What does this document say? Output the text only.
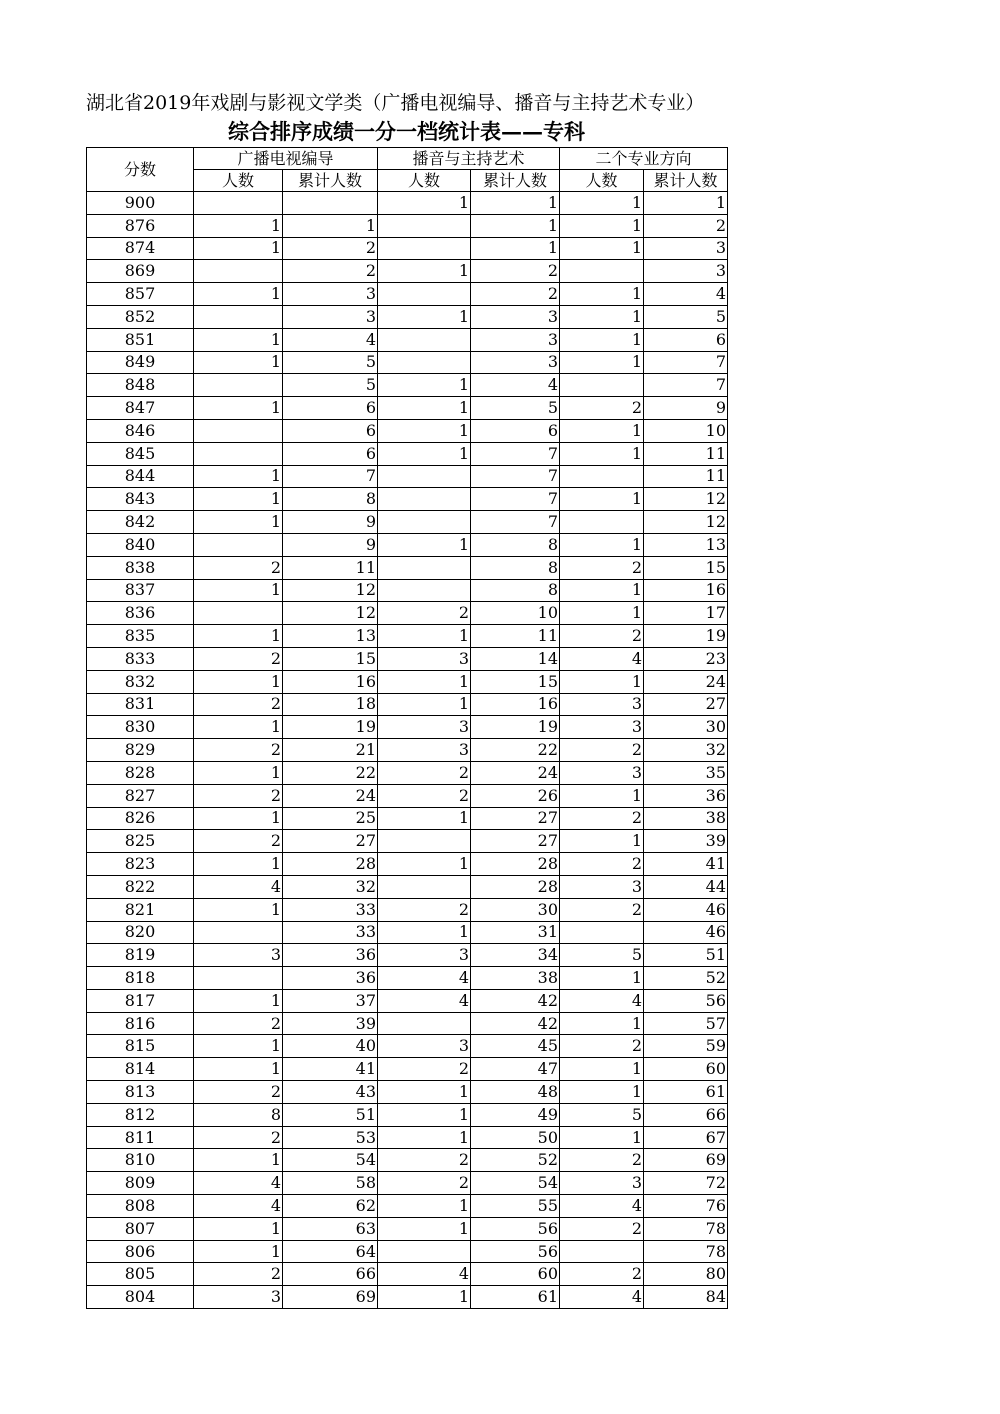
湖北省2019年戏剧与影视文学类（广播电视编导、播音与主持艺术专业）
综合排序成绩一分一档统计表——专科
分数	广播电视编导		播音与主持艺术		二个专业方向	
	人数	累计人数	人数	累计人数	人数	累计人数
900			1	1	1	1
876	1	1		1	1	2
874	1	2		1	1	3
869		2	1	2		3
857	1	3		2	1	4
852		3	1	3	1	5
851	1	4		3	1	6
849	1	5		3	1	7
848		5	1	4		7
847	1	6	1	5	2	9
846		6	1	6	1	10
845		6	1	7	1	11
844	1	7		7		11
843	1	8		7	1	12
842	1	9		7		12
840		9	1	8	1	13
838	2	11		8	2	15
837	1	12		8	1	16
836		12	2	10	1	17
835	1	13	1	11	2	19
833	2	15	3	14	4	23
832	1	16	1	15	1	24
831	2	18	1	16	3	27
830	1	19	3	19	3	30
829	2	21	3	22	2	32
828	1	22	2	24	3	35
827	2	24	2	26	1	36
826	1	25	1	27	2	38
825	2	27		27	1	39
823	1	28	1	28	2	41
822	4	32		28	3	44
821	1	33	2	30	2	46
820		33	1	31		46
819	3	36	3	34	5	51
818		36	4	38	1	52
817	1	37	4	42	4	56
816	2	39		42	1	57
815	1	40	3	45	2	59
814	1	41	2	47	1	60
813	2	43	1	48	1	61
812	8	51	1	49	5	66
811	2	53	1	50	1	67
810	1	54	2	52	2	69
809	4	58	2	54	3	72
808	4	62	1	55	4	76
807	1	63	1	56	2	78
806	1	64		56		78
805	2	66	4	60	2	80
804	3	69	1	61	4	84
